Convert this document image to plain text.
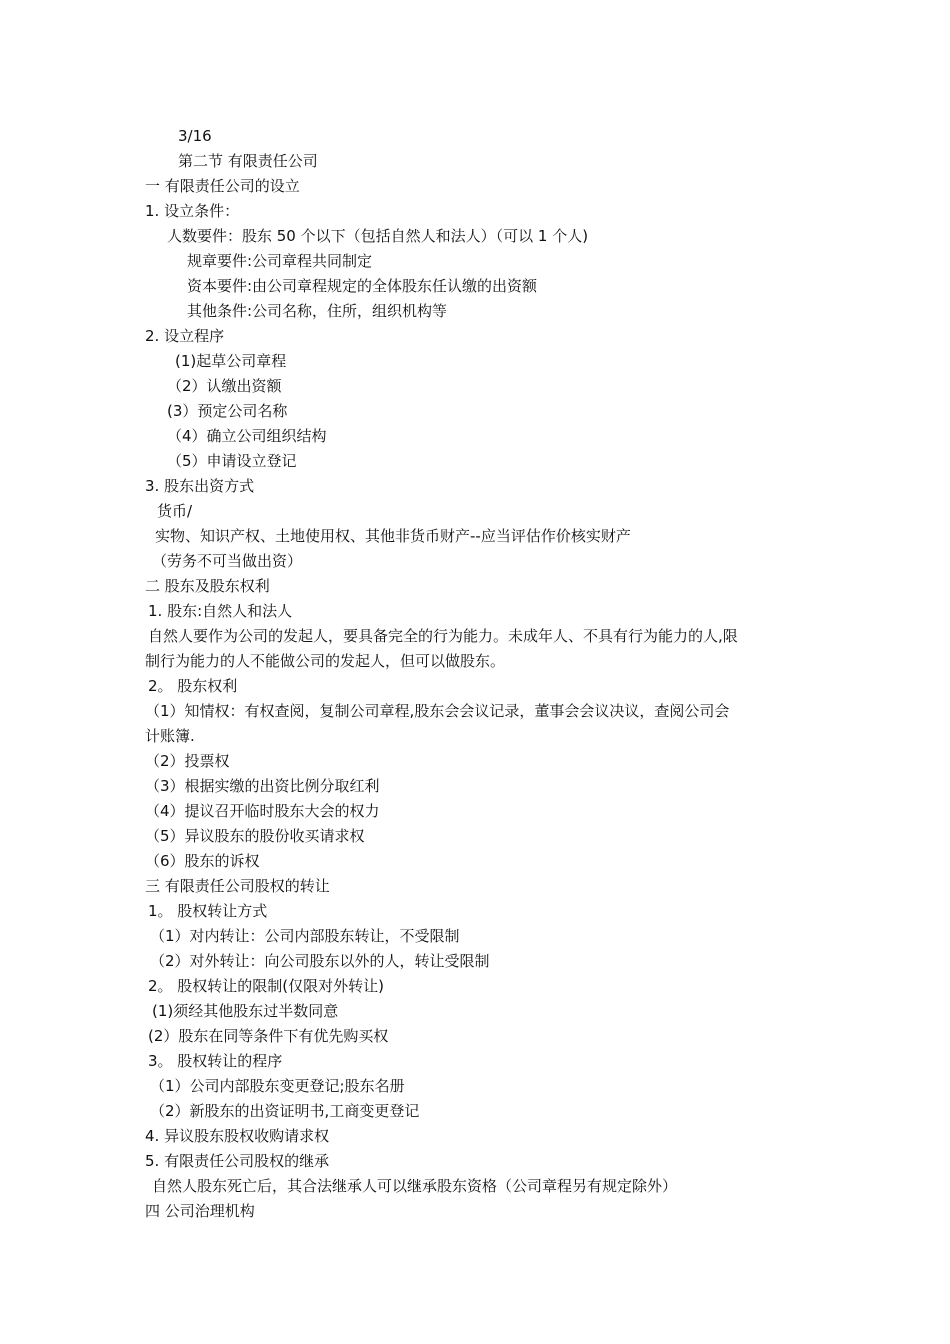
3/16
第二节 有限责任公司
一 有限责任公司的设立
1. 设立条件：
人数要件：股东 50 个以下（包括自然人和法人）（可以 1 个人)
规章要件:公司章程共同制定
资本要件:由公司章程规定的全体股东任认缴的出资额
其他条件:公司名称，住所，组织机构等
2. 设立程序
(1)起草公司章程
（2）认缴出资额
(3）预定公司名称
（4）确立公司组织结构
（5）申请设立登记
3. 股东出资方式
货币/
实物、知识产权、土地使用权、其他非货币财产--应当评估作价核实财产
（劳务不可当做出资）
二 股东及股东权利
1. 股东:自然人和法人
自然人要作为公司的发起人，要具备完全的行为能力。未成年人、不具有行为能力的人,限
制行为能力的人不能做公司的发起人，但可以做股东。
2。 股东权利
（1）知情权：有权查阅，复制公司章程,股东会会议记录，董事会会议决议，查阅公司会
计账簿.
（2）投票权
（3）根据实缴的出资比例分取红利
（4）提议召开临时股东大会的权力
（5）异议股东的股份收买请求权
（6）股东的诉权
三 有限责任公司股权的转让
1。 股权转让方式
（1）对内转让：公司内部股东转让，不受限制
（2）对外转让：向公司股东以外的人，转让受限制
2。 股权转让的限制(仅限对外转让)
(1)须经其他股东过半数同意
(2）股东在同等条件下有优先购买权
3。 股权转让的程序
（1）公司内部股东变更登记;股东名册
（2）新股东的出资证明书,工商变更登记
4. 异议股东股权收购请求权
5. 有限责任公司股权的继承
自然人股东死亡后，其合法继承人可以继承股东资格（公司章程另有规定除外）
四 公司治理机构
